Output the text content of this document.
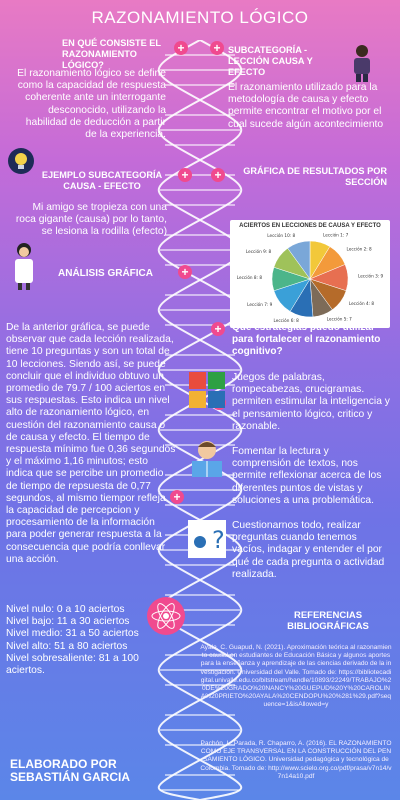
RAZONAMIENTO LÓGICO
+ +
+ +
+
+
+
EN QUÉ CONSISTE EL RAZONAMIENTO LÓGICO?
El razonamiento lógico se define como la capacidad de respuesta coherente ante un interrogante desconocido, utilizando la habilidad de deducción a partir de la experiencia.
SUBCATEGORÍA - LECCIÓN CAUSA Y EFECTO
El razonamiento utilizado para la metodología de causa y efecto permite encontrar el motivo por el cual sucede algún acontecimiento
EJEMPLO SUBCATEGORÍA CAUSA - EFECTO
Mi amigo se tropieza con una roca gigante (causa) por lo tanto, se lesiona la rodilla (efecto)
GRÁFICA DE RESULTADOS POR SECCIÓN
ACIERTOS EN LECCIONES DE CAUSA Y EFECTO
Lección 1: 7
Lección 2: 8
Lección 3: 9
Lección 4: 8
Lección 5: 7
Lección 6: 8
Lección 7: 9
Lección 8: 8
Lección 9: 8
Lección 10: 8
ANÁLISIS GRÁFICA
De la anterior gráfica, se puede observar que cada lección realizada, tiene 10 preguntas y son un total de 10 lecciones. Siendo así, se puede concluir que el individuo obtuvo un promedio de 79.7 / 100 aciertos en sus respuestas. Esto indica un nivel alto de razonamiento lógico, en cuestión del razonamiento causa o de causa y efecto. El tiempo de respuesta mínimo fue 0,36 segundos y el máximo 1,16 minutos; esto indica que se percibe un promedio de tiempo de repsuesta de 0,77 segundos, al mismo tiempor refleja la capacidad de percepcion y procesamiento de la información para poder generar respuesta a la consecuencia que podría conllevar una acción.
Nivel nulo: 0 a 10 aciertos
Nivel bajo: 11 a 30 aciertos
Nivel medio: 31 a 50 aciertos
Nivel alto: 51 a 80 aciertos
Nivel sobresaliente: 81 a 100 aciertos.
Qué estrategias puedo utilizar para fortalecer el razonamiento cognitivo?
Juegos de palabras, rompecabezas, crucigramas. permiten estimular la inteligencia y el pensamiento lógico, critico y razonable.
Fomentar la lectura y comprensión de textos, nos permite reflexionar acerca de los diferentes puntos de vistas y soluciones a una problemática.
?
Cuestionarnos todo, realizar preguntas cuando tenemos vacíos, indagar y entender el por qué de cada pregunta o actividad realizada.
REFERENCIAS BIBLIOGRÁFICAS
Ayala, C. Guapud, N. (2021). Aproximación teórica al razonamiento causal en estudiantes de Educación Básica y algunos aportes para la enseñanza y aprendizaje de las ciencias derivado de la investigación. Universidad del Valle. Tomado de: https://bibliotecadigital.univalle.edu.co/bitstream/handle/10893/22249/TRABAJO%20DE%20GRADO%20NANCY%20GUEPUD%20Y%20CAROLINA%20PRIETO%20AYALA%20CENDOPU%20%281%29.pdf?sequence=1&isAllowed=y
Pachón, L. Parada, R. Chaparro, A. (2016). EL RAZONAMIENTO COMO EJE TRANSVERSAL EN LA CONSTRUCCIÓN DEL PENSAMIENTO LÓGICO. Universidad pedagógica y tecnológica de Colombia. Tomado de: http://www.scielo.org.co/pdf/prasa/v7n14/v7n14a10.pdf
ELABORADO POR SEBASTIÁN GARCIA
